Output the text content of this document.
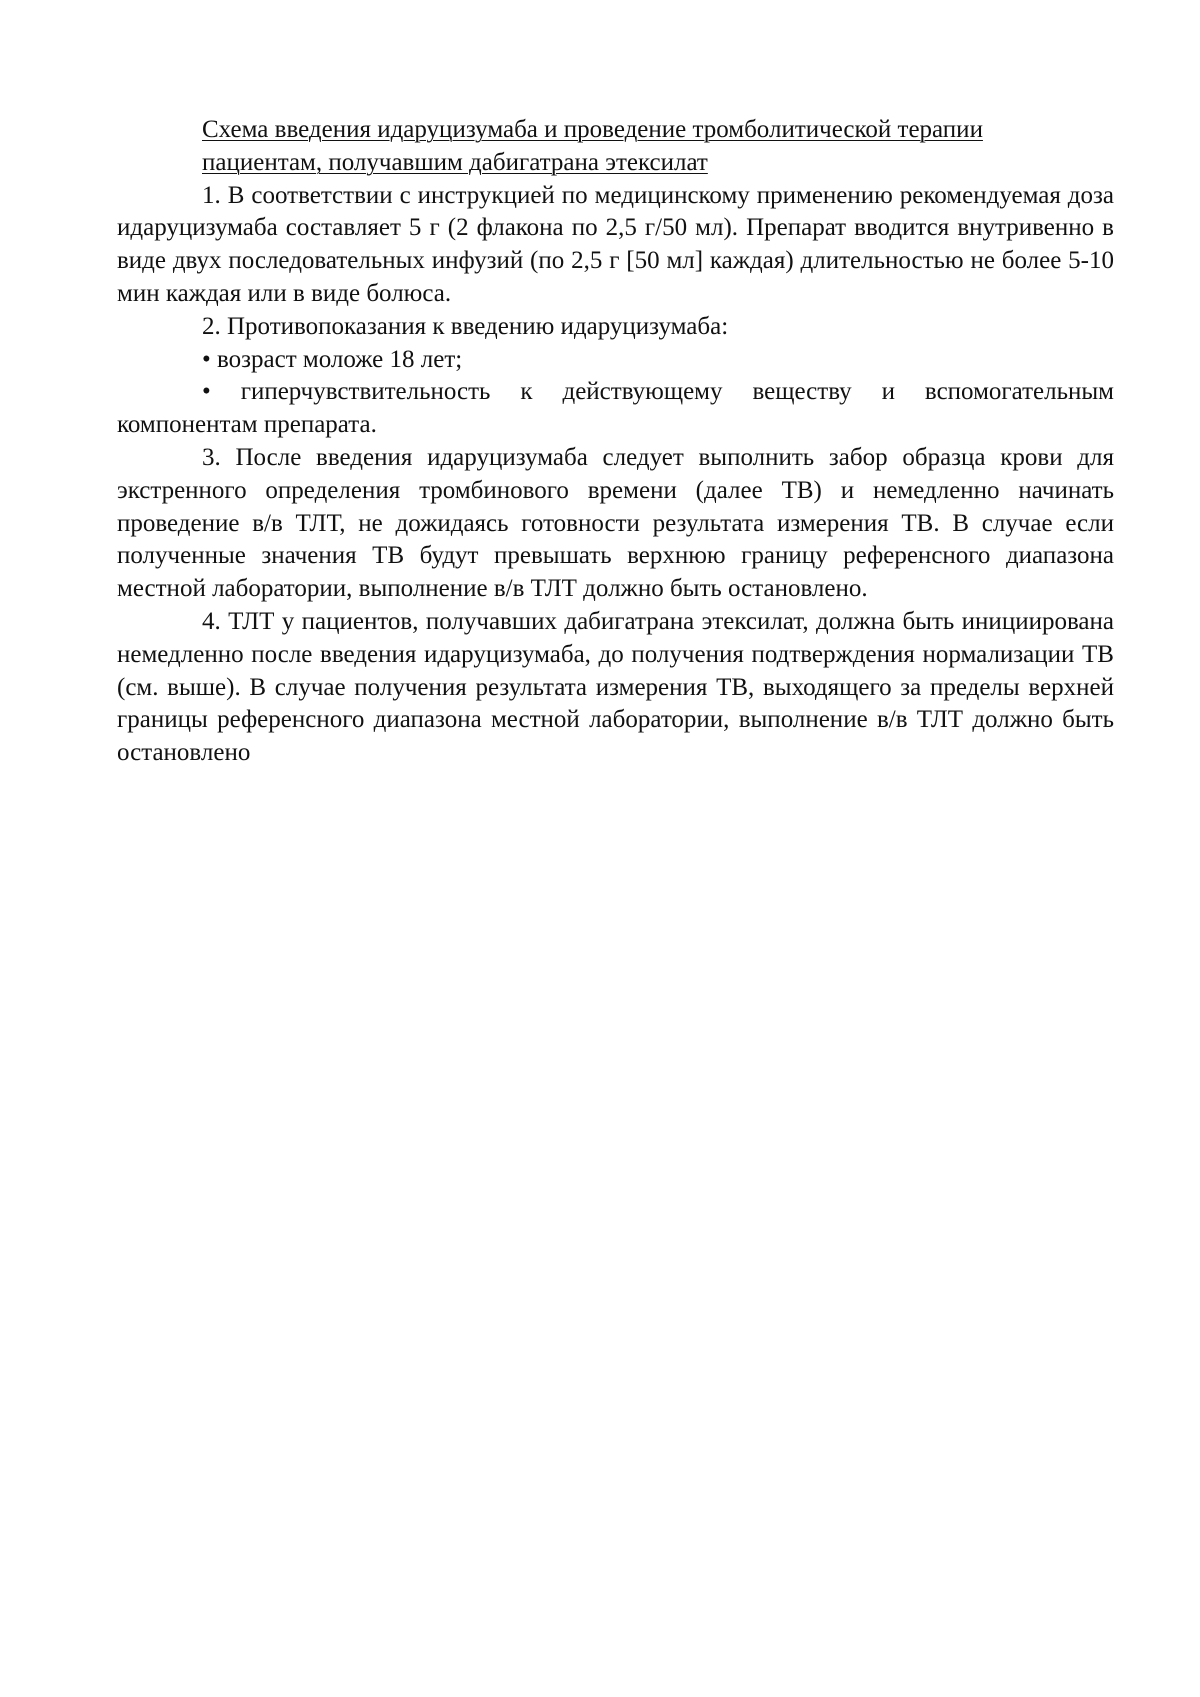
Схема введения идаруцизумаба и проведение тромболитической терапии
пациентам, получавшим дабигатрана этексилат

1. В соответствии с инструкцией по медицинскому применению рекомендуемая доза идаруцизумаба составляет 5 г (2 флакона по 2,5 г/50 мл). Препарат вводится внутривенно в виде двух последовательных инфузий (по 2,5 г [50 мл] каждая) длительностью не более 5-10 мин каждая или в виде болюса.

2. Противопоказания к введению идаруцизумаба:

• возраст моложе 18 лет;

• гиперчувствительность к действующему веществу и вспомогательным компонентам препарата.

3. После введения идаруцизумаба следует выполнить забор образца крови для экстренного определения тромбинового времени (далее ТВ) и немедленно начинать проведение в/в ТЛТ, не дожидаясь готовности результата измерения ТВ. В случае если полученные значения ТВ будут превышать верхнюю границу референсного диапазона местной лаборатории, выполнение в/в ТЛТ должно быть остановлено.

4. ТЛТ у пациентов, получавших дабигатрана этексилат, должна быть инициирована немедленно после введения идаруцизумаба, до получения подтверждения нормализации ТВ (см. выше). В случае получения результата измерения ТВ, выходящего за пределы верхней границы референсного диапазона местной лаборатории, выполнение в/в ТЛТ должно быть остановлено
